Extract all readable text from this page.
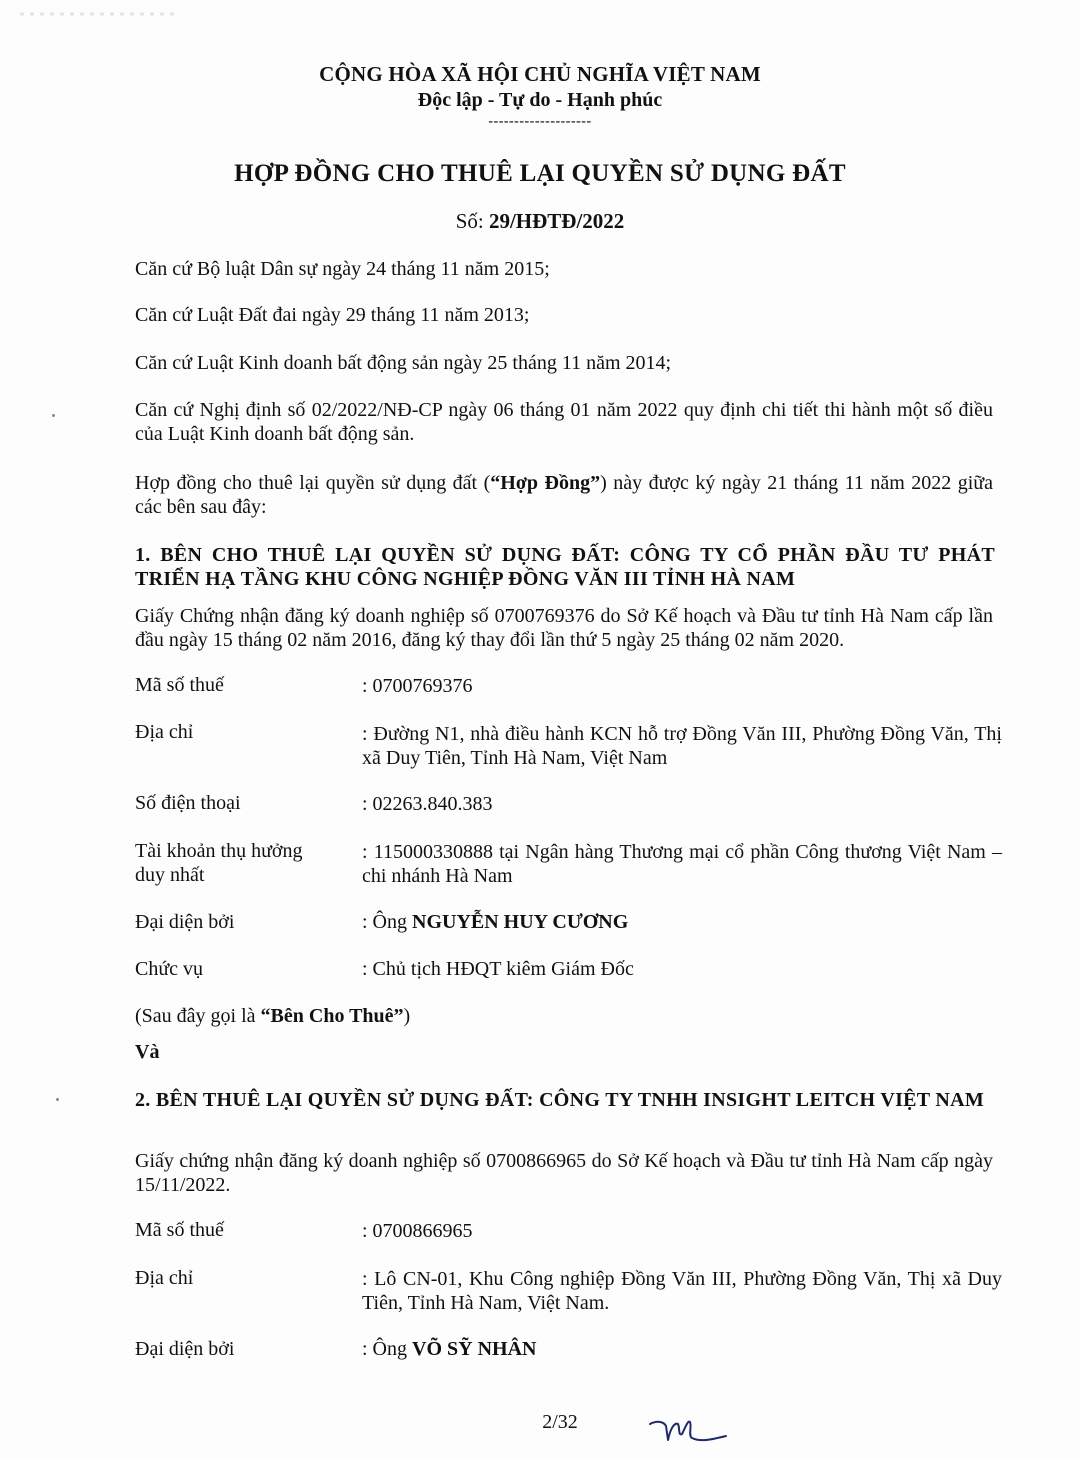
CỘNG HÒA XÃ HỘI CHỦ NGHĨA VIỆT NAM
Độc lập - Tự do - Hạnh phúc
--------------------
HỢP ĐỒNG CHO THUÊ LẠI QUYỀN SỬ DỤNG ĐẤT
Số: 29/HĐTĐ/2022
Căn cứ Bộ luật Dân sự ngày 24 tháng 11 năm 2015;
Căn cứ Luật Đất đai ngày 29 tháng 11 năm 2013;
Căn cứ Luật Kinh doanh bất động sản ngày 25 tháng 11 năm 2014;
Căn cứ Nghị định số 02/2022/NĐ-CP ngày 06 tháng 01 năm 2022 quy định chi tiết thi hành một số điều của Luật Kinh doanh bất động sản.
Hợp đồng cho thuê lại quyền sử dụng đất (“Hợp Đồng”) này được ký ngày 21 tháng 11 năm 2022 giữa các bên sau đây:
1. BÊN CHO THUÊ LẠI QUYỀN SỬ DỤNG ĐẤT: CÔNG TY CỔ PHẦN ĐẦU TƯ PHÁT TRIỂN HẠ TẦNG KHU CÔNG NGHIỆP ĐỒNG VĂN III TỈNH HÀ NAM
Giấy Chứng nhận đăng ký doanh nghiệp số 0700769376 do Sở Kế hoạch và Đầu tư tỉnh Hà Nam cấp lần đầu ngày 15 tháng 02 năm 2016, đăng ký thay đổi lần thứ 5 ngày 25 tháng 02 năm 2020.
Mã số thuế	: 0700769376
Địa chỉ	: Đường N1, nhà điều hành KCN hỗ trợ Đồng Văn III, Phường Đồng Văn, Thị xã Duy Tiên, Tỉnh Hà Nam, Việt Nam
Số điện thoại	: 02263.840.383
Tài khoản thụ hưởng duy nhất
: 115000330888 tại Ngân hàng Thương mại cổ phần Công thương Việt Nam – chi nhánh Hà Nam
Đại diện bởi	: Ông NGUYỄN HUY CƯƠNG
Chức vụ	: Chủ tịch HĐQT kiêm Giám Đốc
(Sau đây gọi là “Bên Cho Thuê”)
Và
2. BÊN THUÊ LẠI QUYỀN SỬ DỤNG ĐẤT: CÔNG TY TNHH INSIGHT LEITCH VIỆT NAM
Giấy chứng nhận đăng ký doanh nghiệp số 0700866965 do Sở Kế hoạch và Đầu tư tỉnh Hà Nam cấp ngày 15/11/2022.
Mã số thuế	: 0700866965
Địa chỉ	: Lô CN-01, Khu Công nghiệp Đồng Văn III, Phường Đồng Văn, Thị xã Duy Tiên, Tỉnh Hà Nam, Việt Nam.
Đại diện bởi	: Ông VÕ SỸ NHÂN
2/32
